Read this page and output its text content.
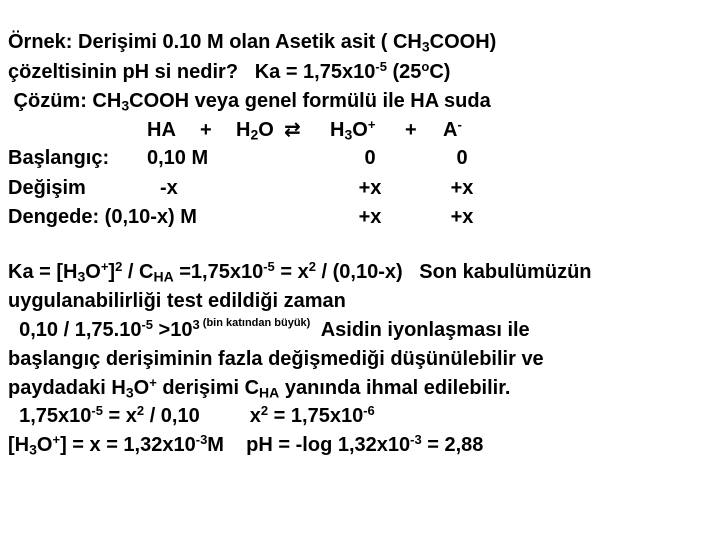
Örnek: Derişimi 0.10 M olan Asetik asit ( $CH_3COOH$)
çözeltisinin pH si nedir?   $Ka = 1,75x10^{-5}$ (25$^o$C)
Çözüm: $CH_3COOH$ veya genel formülü ile HA suda
HA + $H_2O$ ⇄ $H_3O^+ + A^-$
Başlangıç: 0,10 M	0	0
Değişim	-x	+x	+x
Dengede: (0,10-x) M	+x	+x
$Ka = [H_3O^+]^2 / C_{HA} =1,75x10^{-5} = x^2 / (0,10-x)$   Son kabulümüzün
uygulanabilirliği test edildiği zaman
$0,10 / 1,75.10^{-5} >10^3$ $^{(bin katından büyük)}$  Asidin iyonlaşması ile
başlangıç derişiminin fazla değişmediği düşünülebilir ve
paydadaki $H_3O^+$ derişimi $C_{HA}$ yanında ihmal edilebilir.
$1,75x10^{-5} = x^2 / 0,10$         $x^2 = 1,75x10^{-6}$
$[H_3O^+] = x = 1,32x10^{-3}M$    pH = -log $1,32x10^{-3} = 2,88$
